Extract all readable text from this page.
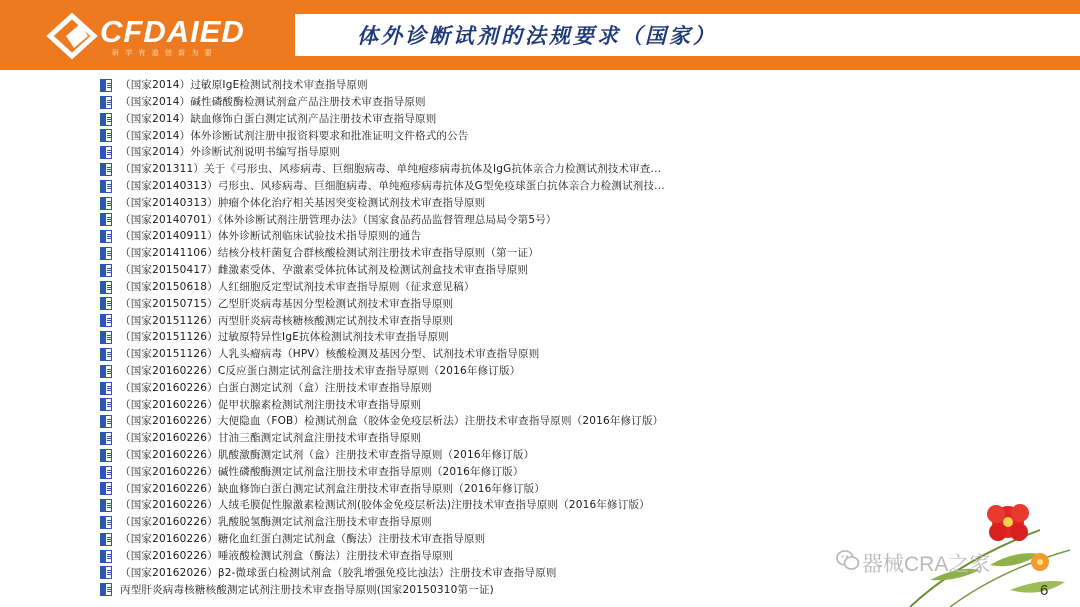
CFDAIED
研 学 有 道 创 新 为 要
体外诊断试剂的法规要求（国家）
（国家2014）过敏原IgE检测试剂技术审查指导原则
（国家2014）碱性磷酸酶检测试剂盒产品注册技术审查指导原则
（国家2014）缺血修饰白蛋白测定试剂产品注册技术审查指导原则
（国家2014）体外诊断试剂注册申报资料要求和批准证明文件格式的公告
（国家2014）外诊断试剂说明书编写指导原则
（国家201311）关于《弓形虫、风疹病毒、巨细胞病毒、单纯疱疹病毒抗体及IgG抗体亲合力检测试剂技术审查...
（国家20140313）弓形虫、风疹病毒、巨细胞病毒、单纯疱疹病毒抗体及G型免疫球蛋白抗体亲合力检测试剂技...
（国家20140313）肿瘤个体化治疗相关基因突变检测试剂技术审查指导原则
（国家20140701）《体外诊断试剂注册管理办法》（国家食品药品监督管理总局局令第5号）
（国家20140911）体外诊断试剂临床试验技术指导原则的通告
（国家20141106）结核分枝杆菌复合群核酸检测试剂注册技术审查指导原则（第一证）
（国家20150417）雌激素受体、孕激素受体抗体试剂及检测试剂盒技术审查指导原则
（国家20150618）人红细胞反定型试剂技术审查指导原则（征求意见稿）
（国家20150715）乙型肝炎病毒基因分型检测试剂技术审查指导原则
（国家20151126）丙型肝炎病毒核糖核酸测定试剂技术审查指导原则
（国家20151126）过敏原特异性IgE抗体检测试剂技术审查指导原则
（国家20151126）人乳头瘤病毒（HPV）核酸检测及基因分型、试剂技术审查指导原则
（国家20160226）C反应蛋白测定试剂盒注册技术审查指导原则（2016年修订版）
（国家20160226）白蛋白测定试剂（盒）注册技术审查指导原则
（国家20160226）促甲状腺素检测试剂注册技术审查指导原则
（国家20160226）大便隐血（FOB）检测试剂盒（胶体金免疫层析法）注册技术审查指导原则（2016年修订版）
（国家20160226）甘油三酯测定试剂盒注册技术审查指导原则
（国家20160226）肌酸激酶测定试剂（盒）注册技术审查指导原则（2016年修订版）
（国家20160226）碱性磷酸酶测定试剂盒注册技术审查指导原则（2016年修订版）
（国家20160226）缺血修饰白蛋白测定试剂盒注册技术审查指导原则（2016年修订版）
（国家20160226）人绒毛膜促性腺激素检测试剂(胶体金免疫层析法)注册技术审查指导原则（2016年修订版）
（国家20160226）乳酸脱氢酶测定试剂盒注册技术审查指导原则
（国家20160226）糖化血红蛋白测定试剂盒（酶法）注册技术审查指导原则
（国家20160226）唾液酸检测试剂盒（酶法）注册技术审查指导原则
（国家20162026）β2-微球蛋白检测试剂盒（胶乳增强免疫比浊法）注册技术审查指导原则
丙型肝炎病毒核糖核酸测定试剂注册技术审查指导原则(国家20150310第一证)
器械CRA之家
6
